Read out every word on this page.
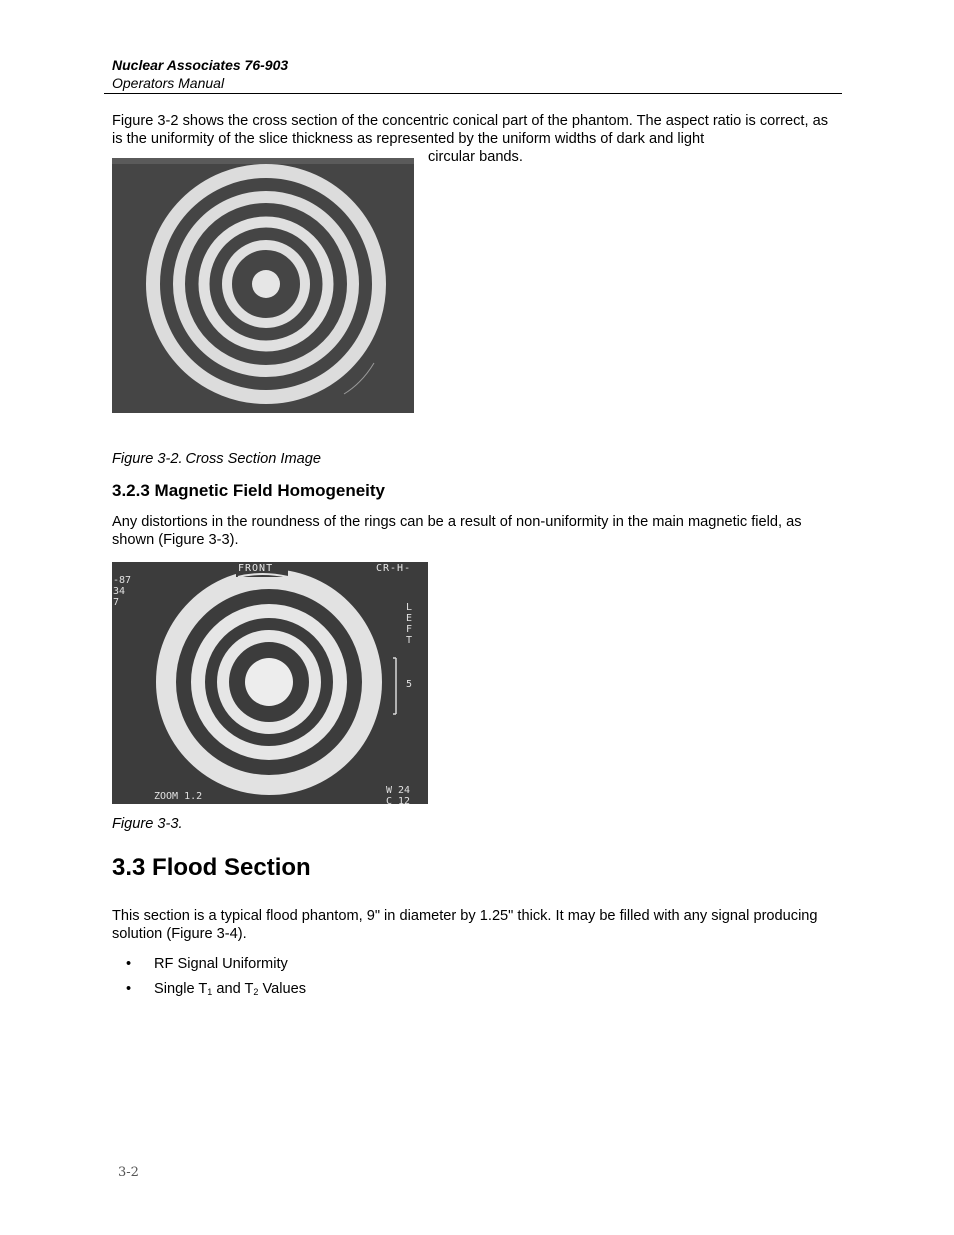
Nuclear Associates 76-903
Operators Manual
Figure 3-2 shows the cross section of the concentric conical part of the phantom. The aspect ratio is correct, as is the uniformity of the slice thickness as represented by the uniform widths of dark and light
circular bands.
Figure 3-2. Cross Section Image
3.2.3 Magnetic Field Homogeneity
Any distortions in the roundness of the rings can be a result of non-uniformity in the main magnetic field, as shown (Figure 3-3).
FRONT	CR-H-
-87
34
7	L
E
F
T
5
ZOOM 1.2
W 24
C 12
Figure 3-3.
3.3 Flood Section
This section is a typical flood phantom, 9" in diameter by 1.25" thick. It may be filled with any signal producing solution (Figure 3-4).
• RF Signal Uniformity
• Single $T_1$ and $T_2$ Values
3-2
